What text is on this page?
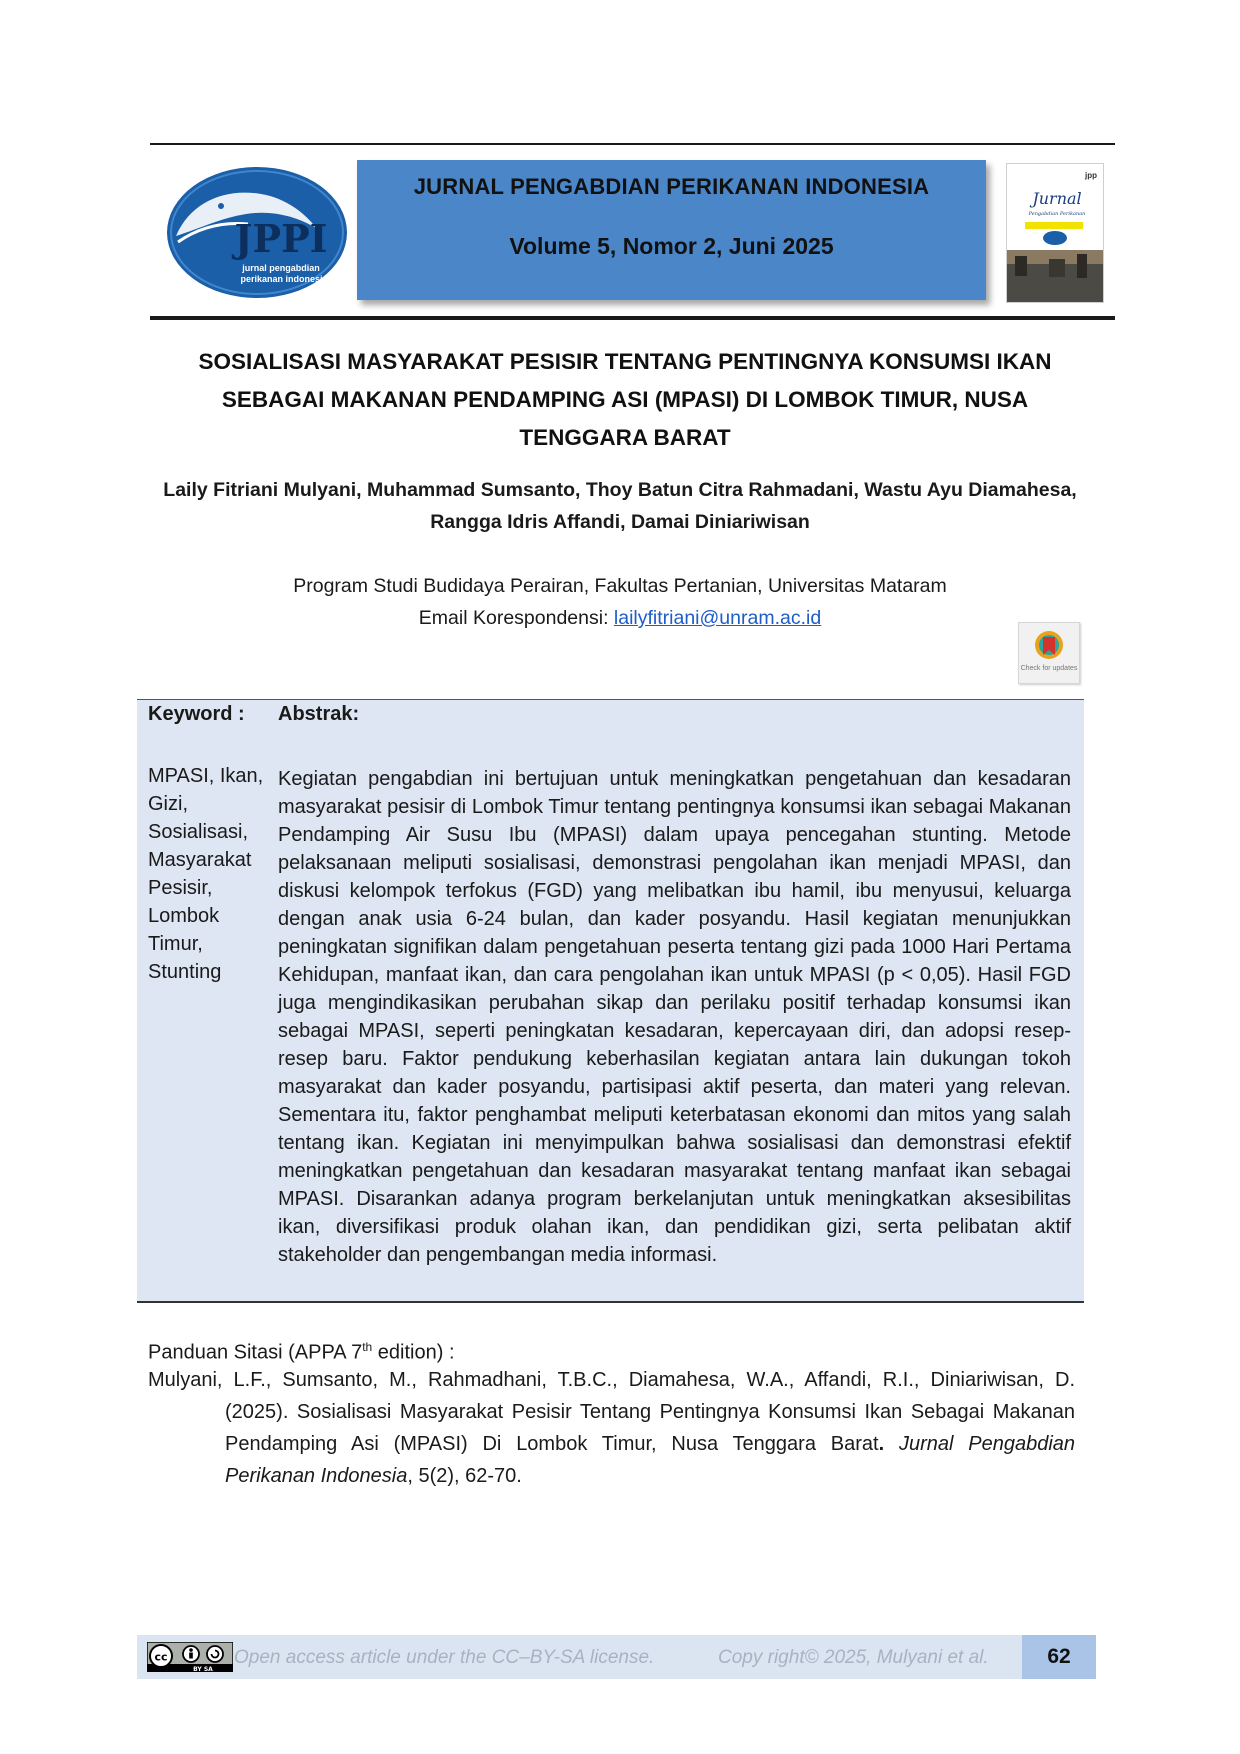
JPPI
jurnal pengabdian
perikanan indonesia
JURNAL PENGABDIAN PERIKANAN INDONESIA
Volume 5, Nomor 2, Juni 2025
jpp
Jurnal
Pengabdian Perikanan
SOSIALISASI MASYARAKAT PESISIR TENTANG PENTINGNYA KONSUMSI IKAN
SEBAGAI MAKANAN PENDAMPING ASI (MPASI) DI LOMBOK TIMUR, NUSA
TENGGARA BARAT
Laily Fitriani Mulyani, Muhammad Sumsanto, Thoy Batun Citra Rahmadani, Wastu Ayu Diamahesa,
Rangga Idris Affandi, Damai Diniariwisan
Program Studi Budidaya Perairan, Fakultas Pertanian, Universitas Mataram
Email Korespondensi: lailyfitriani@unram.ac.id
Check for updates
Keyword : Abstrak:
MPASI, Ikan,
Gizi,
Sosialisasi,
Masyarakat
Pesisir,
Lombok
Timur,
Stunting
Kegiatan pengabdian ini bertujuan untuk meningkatkan pengetahuan dan kesadaran masyarakat pesisir di Lombok Timur tentang pentingnya konsumsi ikan sebagai Makanan Pendamping Air Susu Ibu (MPASI) dalam upaya pencegahan stunting. Metode pelaksanaan meliputi sosialisasi, demonstrasi pengolahan ikan menjadi MPASI, dan diskusi kelompok terfokus (FGD) yang melibatkan ibu hamil, ibu menyusui, keluarga dengan anak usia 6-24 bulan, dan kader posyandu. Hasil kegiatan menunjukkan peningkatan signifikan dalam pengetahuan peserta tentang gizi pada 1000 Hari Pertama Kehidupan, manfaat ikan, dan cara pengolahan ikan untuk MPASI (p < 0,05). Hasil FGD juga mengindikasikan perubahan sikap dan perilaku positif terhadap konsumsi ikan sebagai MPASI, seperti peningkatan kesadaran, kepercayaan diri, dan adopsi resep-resep baru. Faktor pendukung keberhasilan kegiatan antara lain dukungan tokoh masyarakat dan kader posyandu, partisipasi aktif peserta, dan materi yang relevan. Sementara itu, faktor penghambat meliputi keterbatasan ekonomi dan mitos yang salah tentang ikan. Kegiatan ini menyimpulkan bahwa sosialisasi dan demonstrasi efektif meningkatkan pengetahuan dan kesadaran masyarakat tentang manfaat ikan sebagai MPASI. Disarankan adanya program berkelanjutan untuk meningkatkan aksesibilitas ikan, diversifikasi produk olahan ikan, dan pendidikan gizi, serta pelibatan aktif stakeholder dan pengembangan media informasi.
Panduan Sitasi (APPA 7th edition) :
Mulyani, L.F., Sumsanto, M., Rahmadhani, T.B.C., Diamahesa, W.A., Affandi, R.I., Diniariwisan, D. (2025). Sosialisasi Masyarakat Pesisir Tentang Pentingnya Konsumsi Ikan Sebagai Makanan Pendamping Asi (MPASI) Di Lombok Timur, Nusa Tenggara Barat. Jurnal Pengabdian Perikanan Indonesia, 5(2), 62-70.
cc
BY SA
Open access article under the CC–BY-SA license.	Copy right© 2025, Mulyani et al.	62
